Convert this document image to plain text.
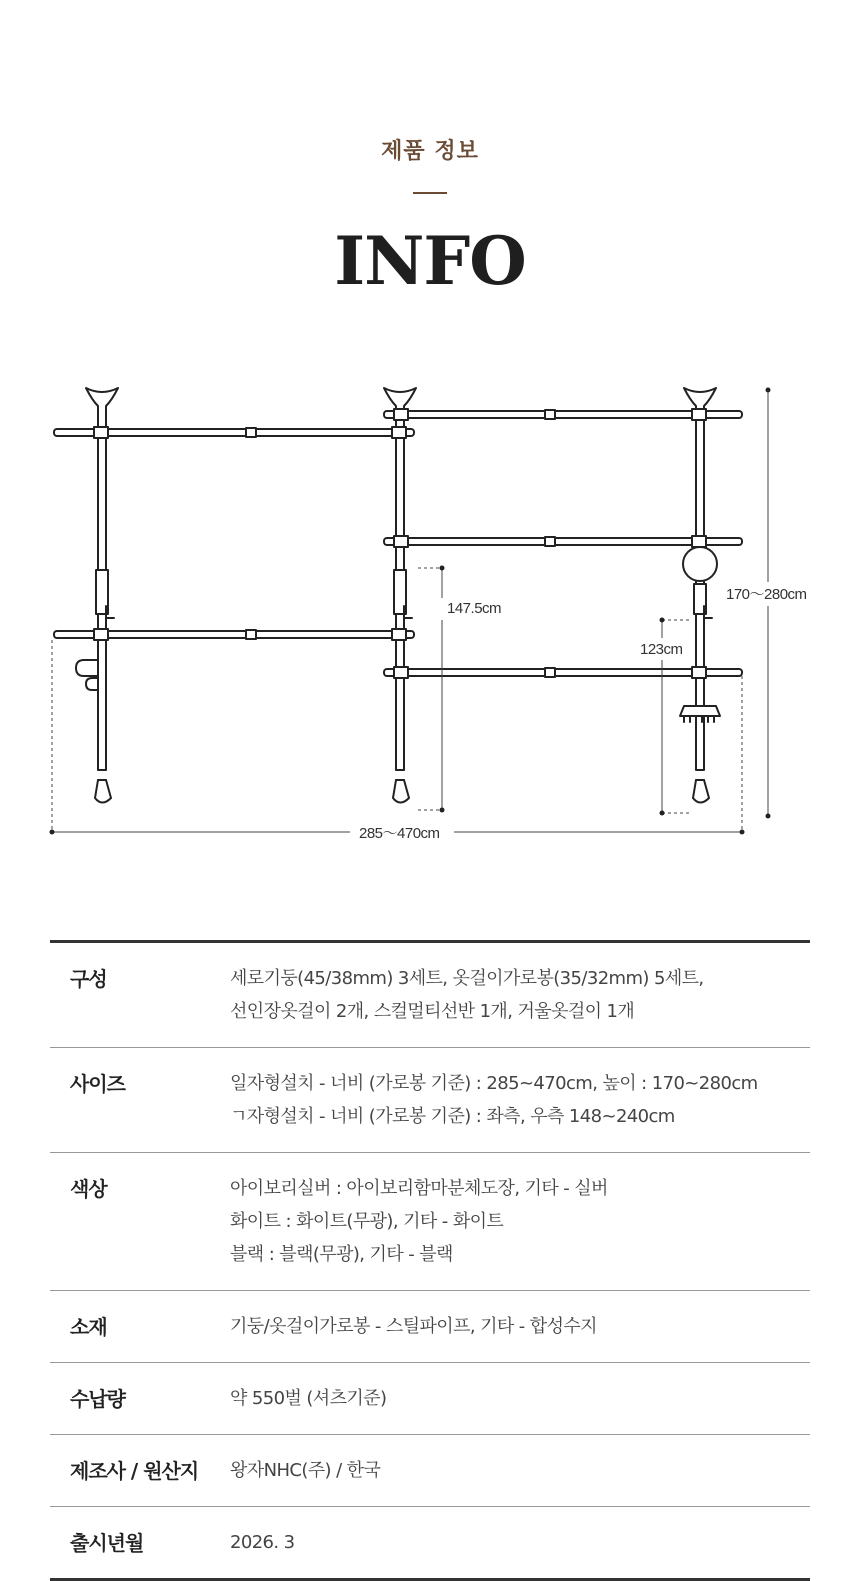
제품 정보
INFO
147.5cm
123cm
170～280cm
285～470cm
구성	세로기둥(45/38mm) 3세트, 옷걸이가로봉(35/32mm) 5세트,
선인장옷걸이 2개, 스컬멀티선반 1개, 거울옷걸이 1개

사이즈	일자형설치 - 너비 (가로봉 기준) : 285~470cm, 높이 : 170~280cm
ㄱ자형설치 - 너비 (가로봉 기준) : 좌측, 우측 148~240cm

색상	아이보리실버 : 아이보리함마분체도장, 기타 - 실버
화이트 : 화이트(무광), 기타 - 화이트
블랙 : 블랙(무광), 기타 - 블랙

소재	기둥/옷걸이가로봉 - 스틸파이프, 기타 - 합성수지

수납량	약 550벌 (셔츠기준)

제조사 / 원산지	왕자NHC(주) / 한국

출시년월	2026. 3
